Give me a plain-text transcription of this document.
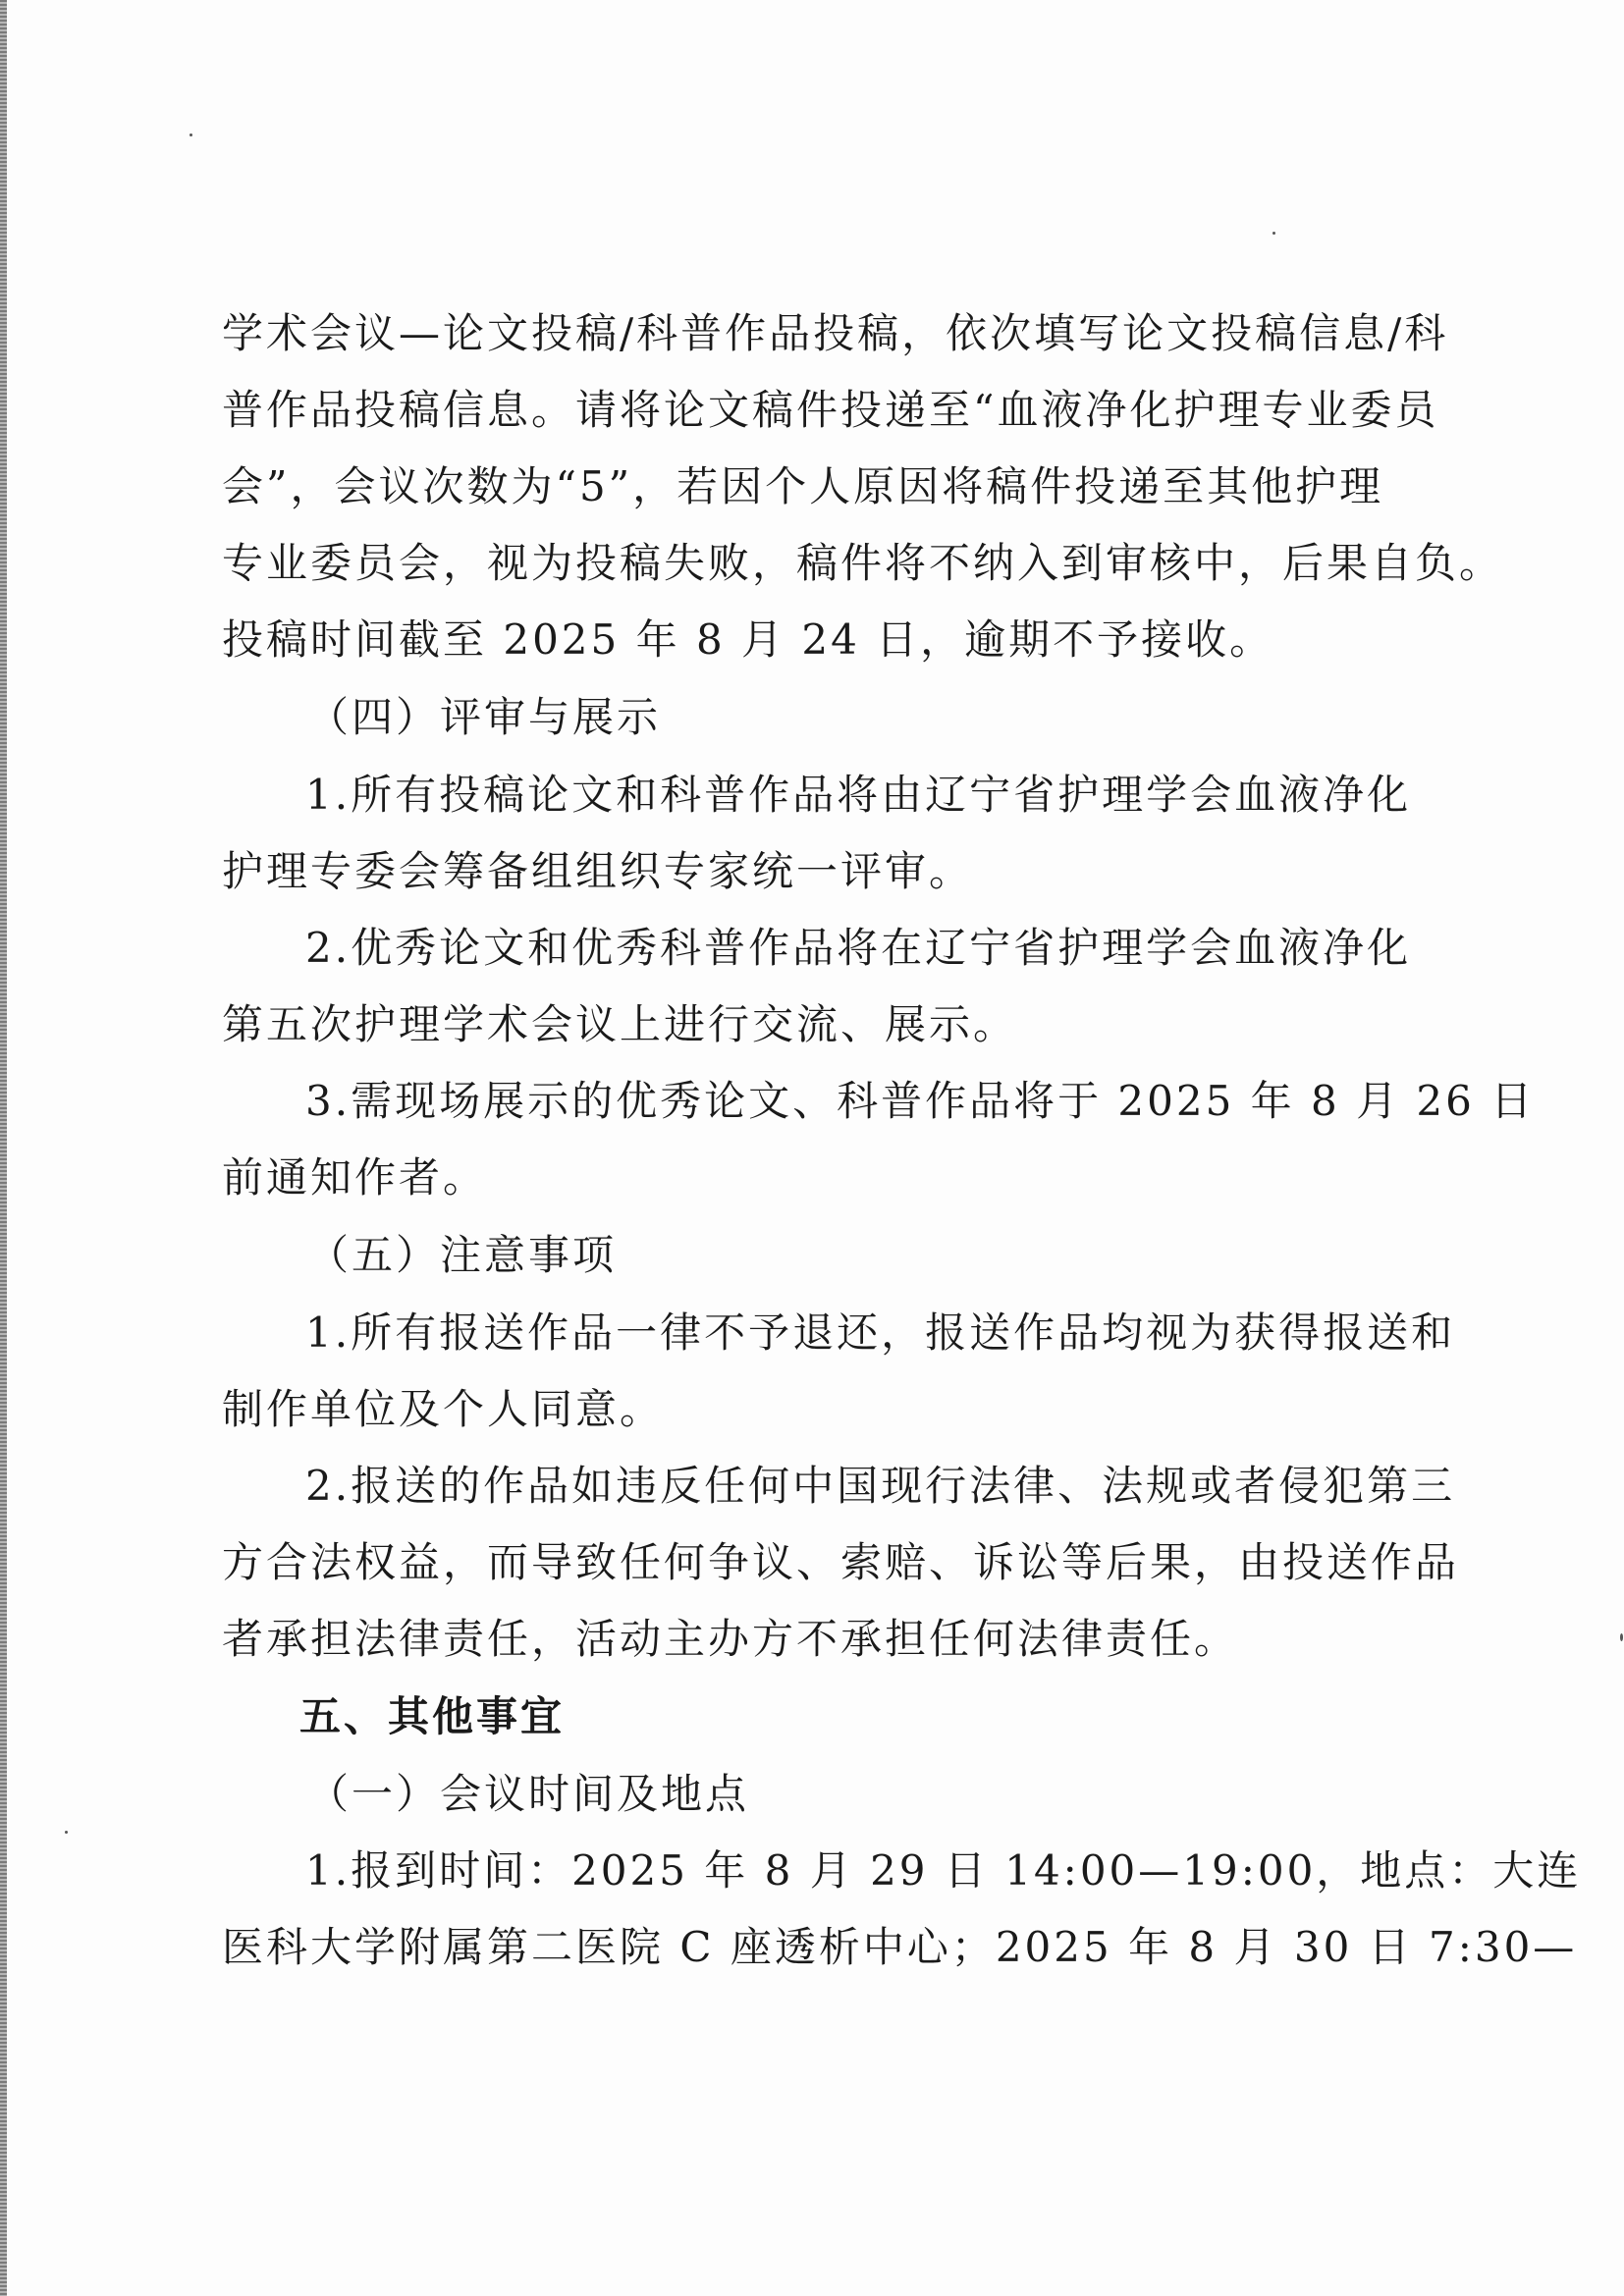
学术会议—论文投稿/科普作品投稿，依次填写论文投稿信息/科
普作品投稿信息。请将论文稿件投递至“血液净化护理专业委员
会”，会议次数为“5”，若因个人原因将稿件投递至其他护理
专业委员会，视为投稿失败，稿件将不纳入到审核中，后果自负。
投稿时间截至 2025 年 8 月 24 日，逾期不予接收。
（四）评审与展示
1.所有投稿论文和科普作品将由辽宁省护理学会血液净化
护理专委会筹备组组织专家统一评审。
2.优秀论文和优秀科普作品将在辽宁省护理学会血液净化
第五次护理学术会议上进行交流、展示。
3.需现场展示的优秀论文、科普作品将于 2025 年 8 月 26 日
前通知作者。
（五）注意事项
1.所有报送作品一律不予退还，报送作品均视为获得报送和
制作单位及个人同意。
2.报送的作品如违反任何中国现行法律、法规或者侵犯第三
方合法权益，而导致任何争议、索赔、诉讼等后果，由投送作品
者承担法律责任，活动主办方不承担任何法律责任。
五、其他事宜
（一）会议时间及地点
1.报到时间：2025 年 8 月 29 日 14:00—19:00，地点：大连
医科大学附属第二医院 C 座透析中心；2025 年 8 月 30 日 7:30—
